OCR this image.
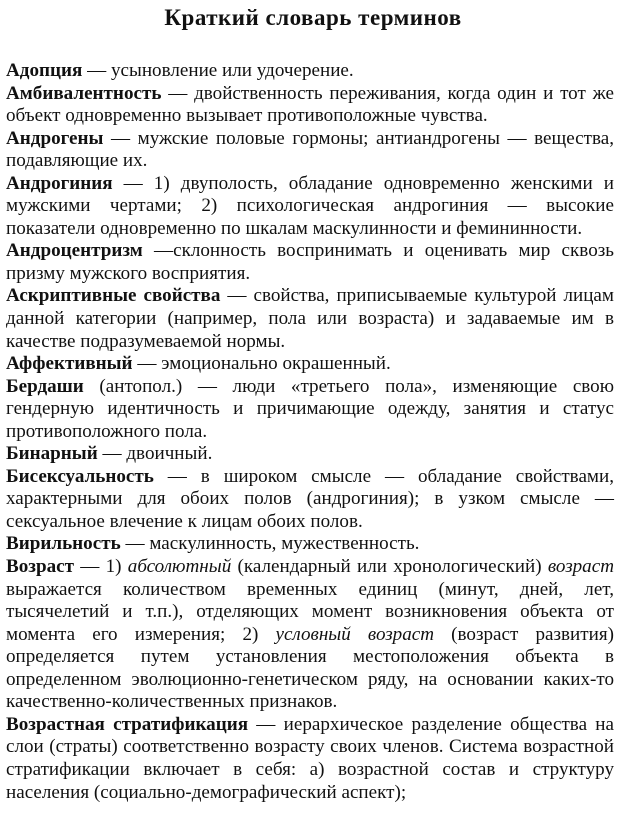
Краткий словарь терминов

Адопция — усыновление или удочерение.

Амбивалентность — двойственность переживания, когда один и тот же объект одновременно вызывает противоположные чувства.

Андрогены — мужские половые гормоны; антиандрогены — вещества, подавляющие их.

Андрогиния — 1) двуполость, обладание одновременно женскими и мужскими чертами; 2) психологическая андрогиния — высокие показатели одновременно по шкалам маскулинности и фемининности.

Андроцентризм —склонность воспринимать и оценивать мир сквозь призму мужского восприятия.

Аскриптивные свойства — свойства, приписываемые культурой лицам данной категории (например, пола или возраста) и задаваемые им в качестве подразумеваемой нормы.

Аффективный — эмоционально окрашенный.

Бердаши (антопол.) — люди «третьего пола», изменяющие свою гендерную идентичность и причимающие одежду, занятия и статус противоположного пола.

Бинарный — двоичный.

Бисексуальность — в широком смысле — обладание свойствами, характерными для обоих полов (андрогиния); в узком смысле — сексуальное влечение к лицам обоих полов.

Вирильность — маскулинность, мужественность.

Возраст — 1) абсолютный (календарный или хронологический) возраст выражается количеством временных единиц (минут, дней, лет, тысячелетий и т.п.), отделяющих момент возникновения объекта от момента его измерения; 2) условный возраст (возраст развития) определяется путем установления местоположения объекта в определенном эволюционно-генетическом ряду, на основании каких-то качественно-количественных признаков.

Возрастная стратификация — иерархическое разделение общества на слои (страты) соответственно возрасту своих членов. Система возрастной стратификации включает в себя: а) возрастной состав и структуру населения (социально-демографический аспект);
